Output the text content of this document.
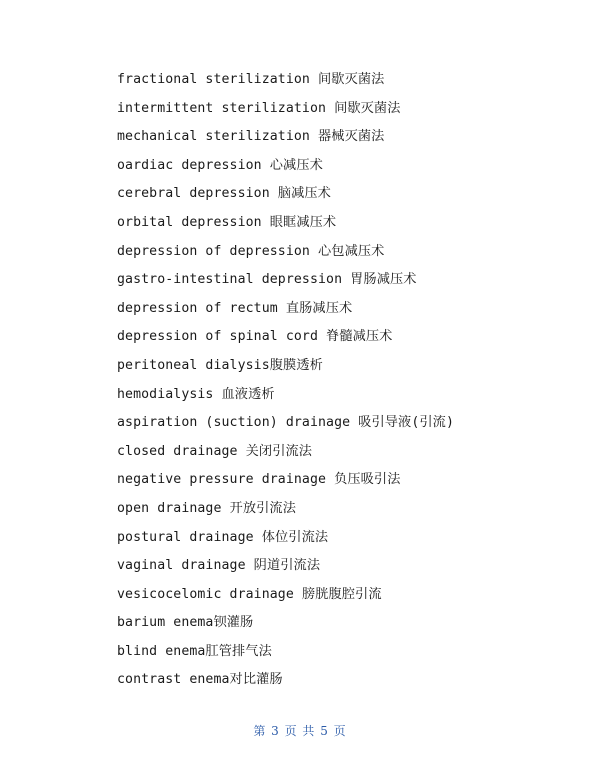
fractional sterilization 间歇灭菌法
intermittent sterilization 间歇灭菌法
mechanical sterilization 器械灭菌法
oardiac depression 心减压术
cerebral depression 脑减压术
orbital depression 眼眶减压术
depression of depression 心包减压术
gastro-intestinal depression 胃肠减压术
depression of rectum 直肠减压术
depression of spinal cord 脊髓减压术
peritoneal dialysis腹膜透析
hemodialysis 血液透析
aspiration (suction) drainage 吸引导液(引流)
closed drainage 关闭引流法
negative pressure drainage 负压吸引法
open drainage 开放引流法
postural drainage 体位引流法
vaginal drainage 阴道引流法
vesicocelomic drainage 膀胱腹腔引流
barium enema钡灌肠
blind enema肛管排气法
contrast enema对比灌肠
第 3 页 共 5 页
